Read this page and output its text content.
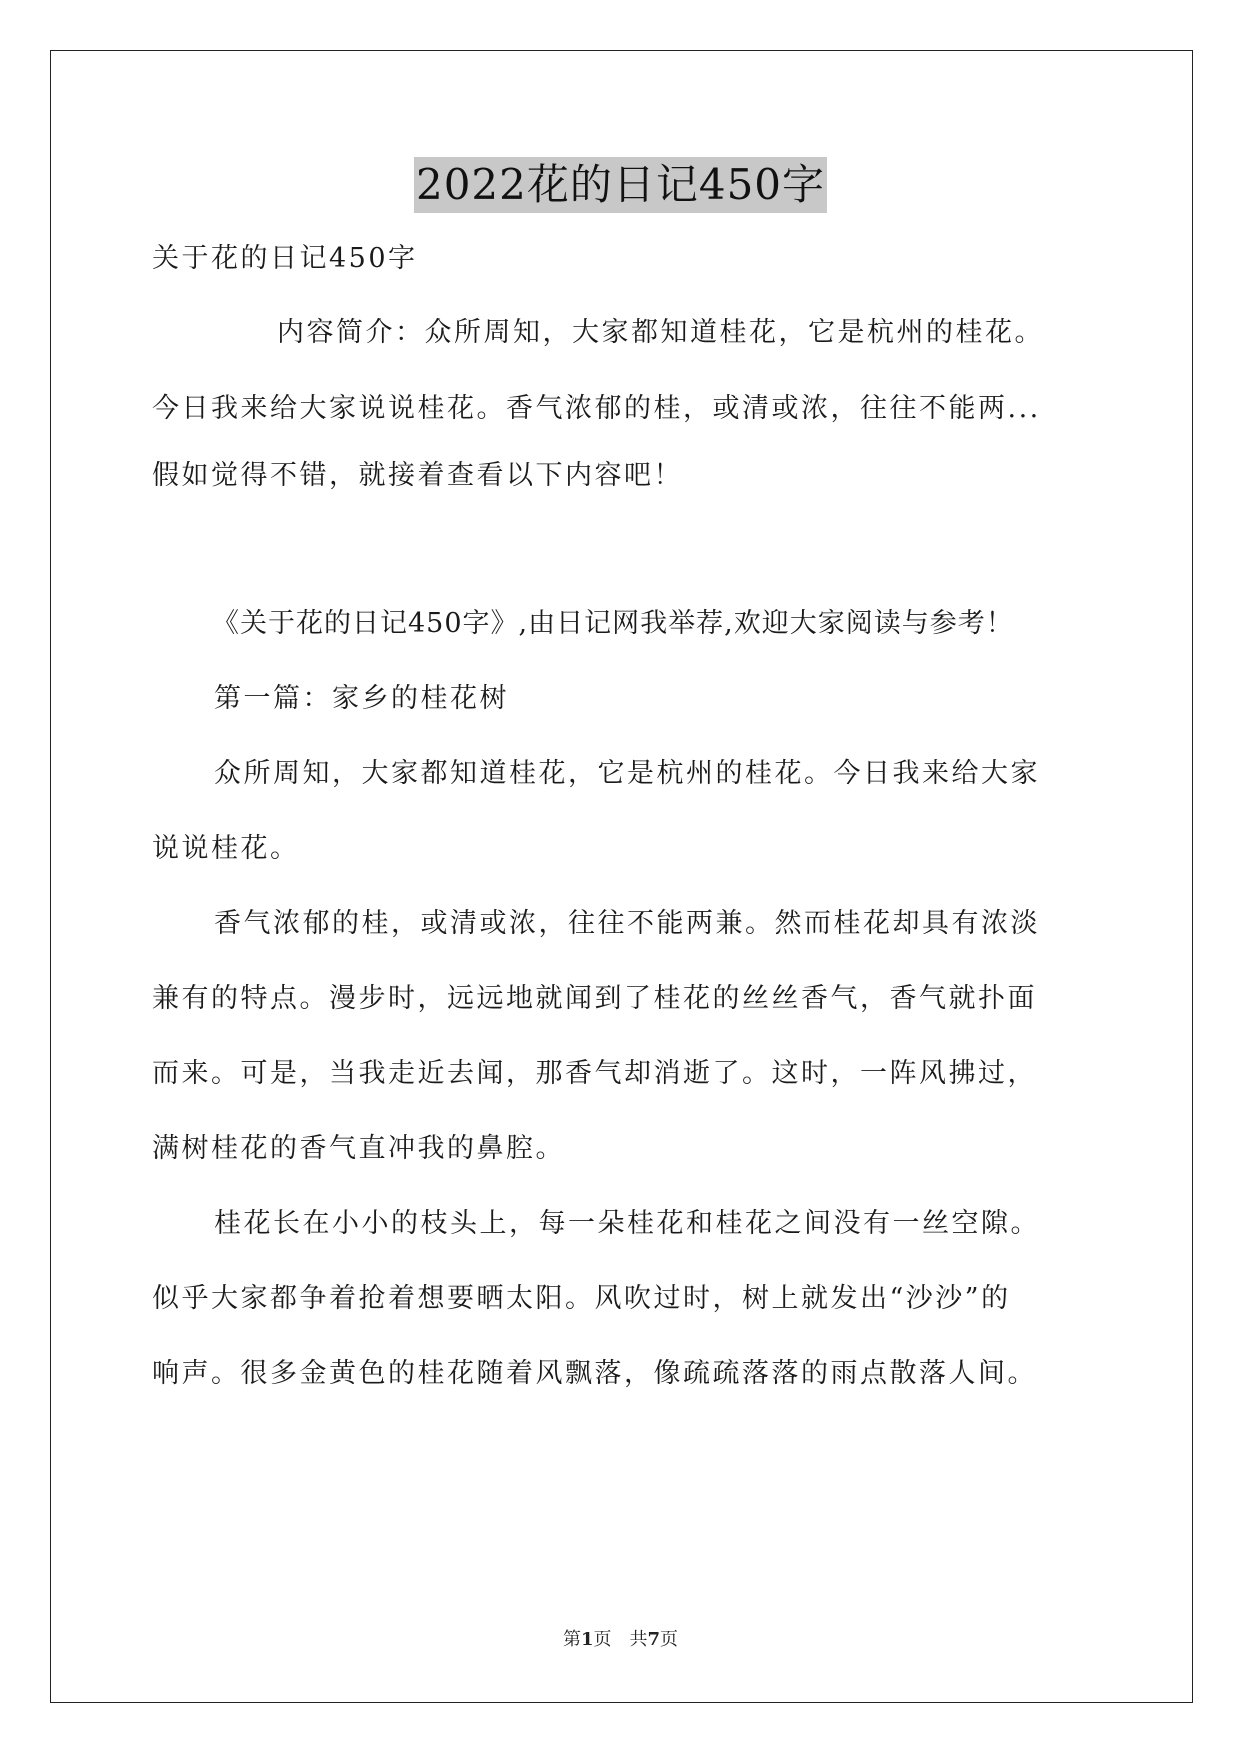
2022花的日记450字
关于花的日记450字
内容简介：众所周知，大家都知道桂花，它是杭州的桂花。
今日我来给大家说说桂花。香气浓郁的桂，或清或浓，往往不能两...
假如觉得不错，就接着查看以下内容吧！
《关于花的日记450字》,由日记网我举荐,欢迎大家阅读与参考！
第一篇：家乡的桂花树
众所周知，大家都知道桂花，它是杭州的桂花。今日我来给大家
说说桂花。
香气浓郁的桂，或清或浓，往往不能两兼。然而桂花却具有浓淡
兼有的特点。漫步时，远远地就闻到了桂花的丝丝香气，香气就扑面
而来。可是，当我走近去闻，那香气却消逝了。这时，一阵风拂过，
满树桂花的香气直冲我的鼻腔。
桂花长在小小的枝头上，每一朵桂花和桂花之间没有一丝空隙。
似乎大家都争着抢着想要晒太阳。风吹过时，树上就发出“沙沙”的
响声。很多金黄色的桂花随着风飘落，像疏疏落落的雨点散落人间。
第1页　共7页
